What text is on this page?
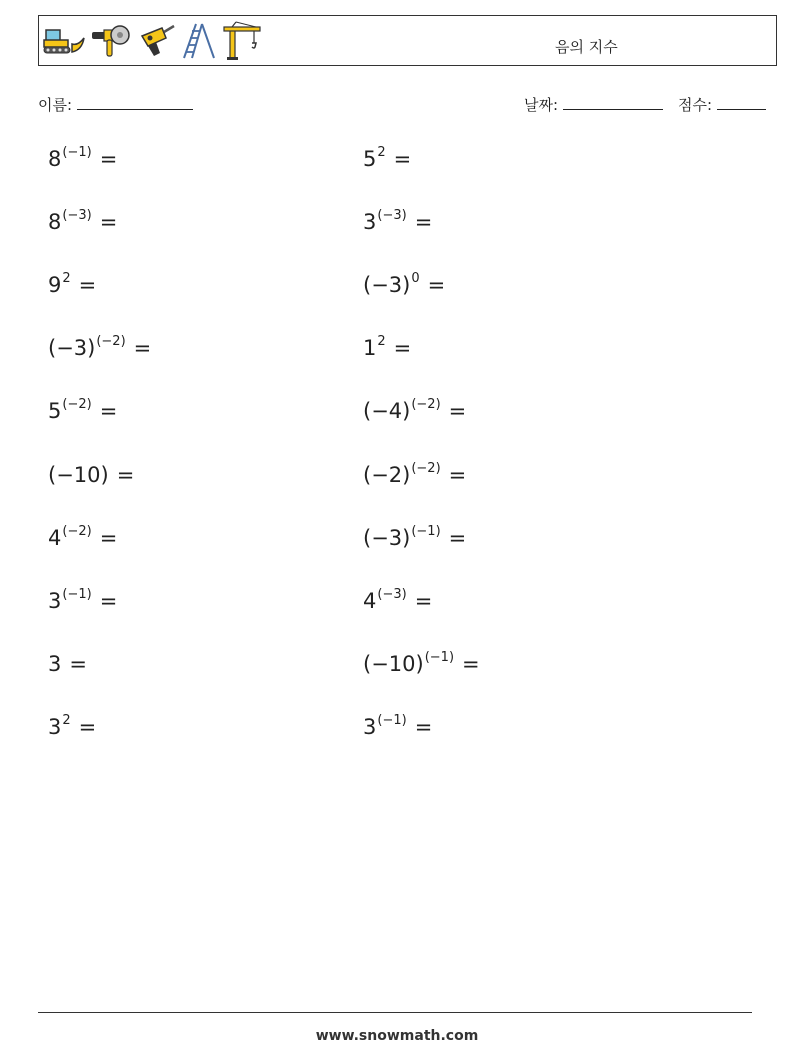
음의 지수
이름:	날짜:	점수:
$8^{(-1)}$ =	$5^2$ =
$8^{(-3)}$ =	$3^{(-3)}$ =
$9^2$ =	$(-3)^0$ =
$(-3)^{(-2)}$ =	$1^2$ =
$5^{(-2)}$ =	$(-4)^{(-2)}$ =
(−10) =	$(-2)^{(-2)}$ =
$4^{(-2)}$ =	$(-3)^{(-1)}$ =
$3^{(-1)}$ =	$4^{(-3)}$ =
3 =	$(-10)^{(-1)}$ =
$3^2$ =	$3^{(-1)}$ =
www.snowmath.com
